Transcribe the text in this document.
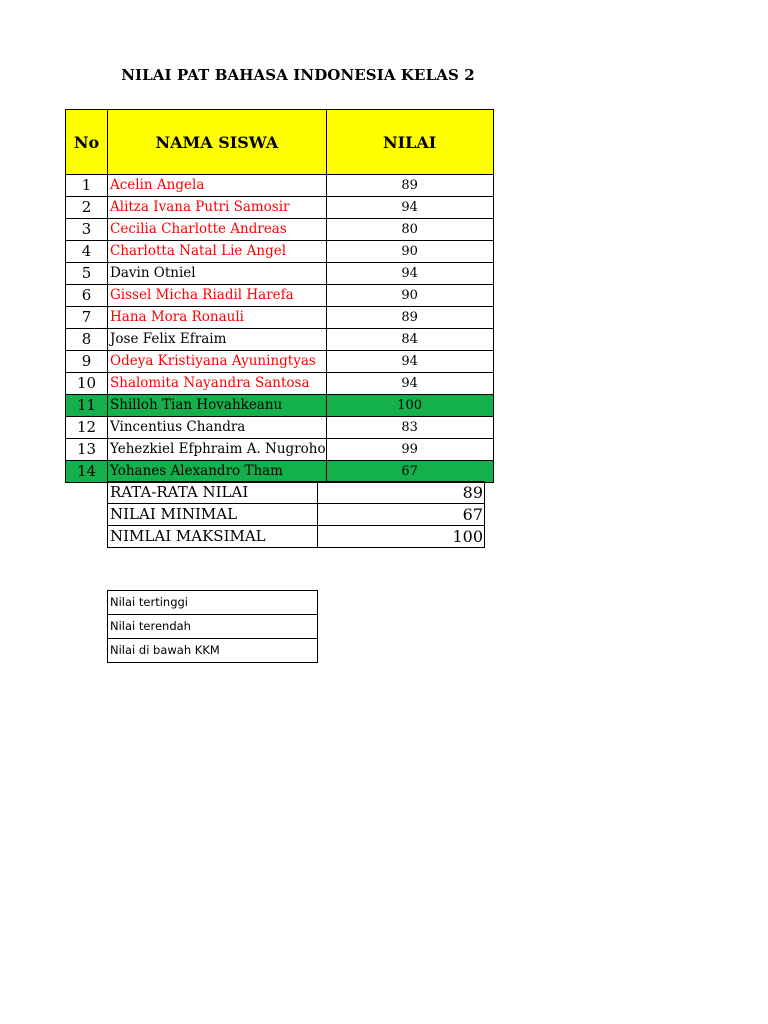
NILAI PAT BAHASA INDONESIA KELAS 2
No	NAMA SISWA	NILAI
1	Acelin Angela	89
2	Alitza Ivana Putri Samosir	94
3	Cecilia Charlotte Andreas	80
4	Charlotta Natal Lie Angel	90
5	Davin Otniel	94
6	Gissel Micha Riadil Harefa	90
7	Hana Mora Ronauli	89
8	Jose Felix Efraim	84
9	Odeya Kristiyana Ayuningtyas	94
10	Shalomita Nayandra Santosa	94
11	Shilloh Tian Hovahkeanu	100
12	Vincentius Chandra	83
13	Yehezkiel Efphraim A. Nugroho	99
14	Yohanes Alexandro Tham	67
RATA-RATA NILAI	89
NILAI MINIMAL	67
NIMLAI MAKSIMAL	100
Nilai tertinggi
Nilai terendah
Nilai di bawah KKM
